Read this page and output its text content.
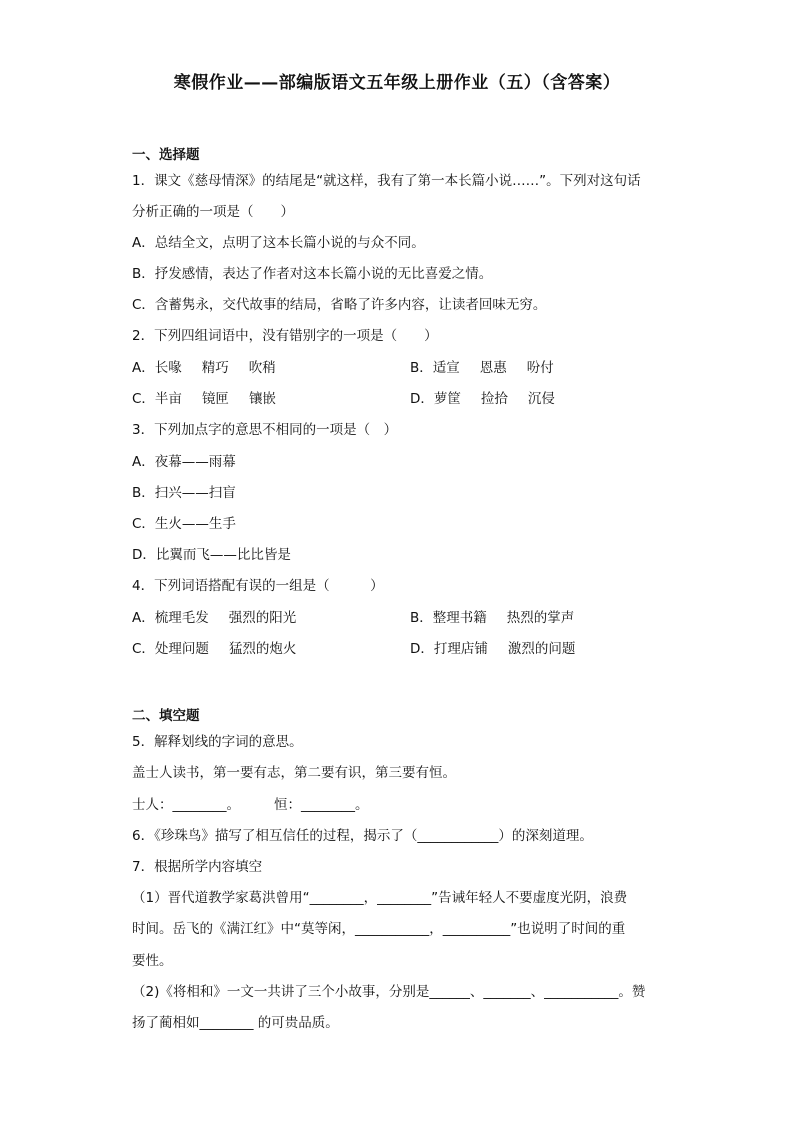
寒假作业——部编版语文五年级上册作业（五）（含答案）
一、选择题
1．课文《慈母情深》的结尾是“就这样，我有了第一本长篇小说……”。下列对这句话
分析正确的一项是（　　）
A．总结全文，点明了这本长篇小说的与众不同。
B．抒发感情，表达了作者对这本长篇小说的无比喜爱之情。
C．含蓄隽永，交代故事的结局，省略了许多内容，让读者回味无穷。
2．下列四组词语中，没有错别字的一项是（　　）
A．长喙 精巧 吹稍	B．适宣 恩惠 吩付
C．半亩 镜匣 镶嵌	D．萝筐 捡拾 沉侵
3．下列加点字的意思不相同的一项是（　）
A．夜幕——雨幕
B．扫兴——扫盲
C．生火——生手
D．比翼而飞——比比皆是
4．下列词语搭配有误的一组是（　　　）
A．梳理毛发 强烈的阳光	B．整理书籍 热烈的掌声
C．处理问题 猛烈的炮火	D．打理店铺 激烈的问题
二、填空题
5．解释划线的字词的意思。
盖士人读书，第一要有志，第二要有识，第三要有恒。
士人：________。	恒：________。
6．《珍珠鸟》描写了相互信任的过程，揭示了（____________）的深刻道理。
7．根据所学内容填空
（1）晋代道教学家葛洪曾用“________，________”告诫年轻人不要虚度光阴，浪费
时间。岳飞的《满江红》中“莫等闲，___________，__________”也说明了时间的重
要性。
（2)《将相和》一文一共讲了三个小故事，分别是______、_______、___________。赞
扬了蔺相如________ 的可贵品质。
